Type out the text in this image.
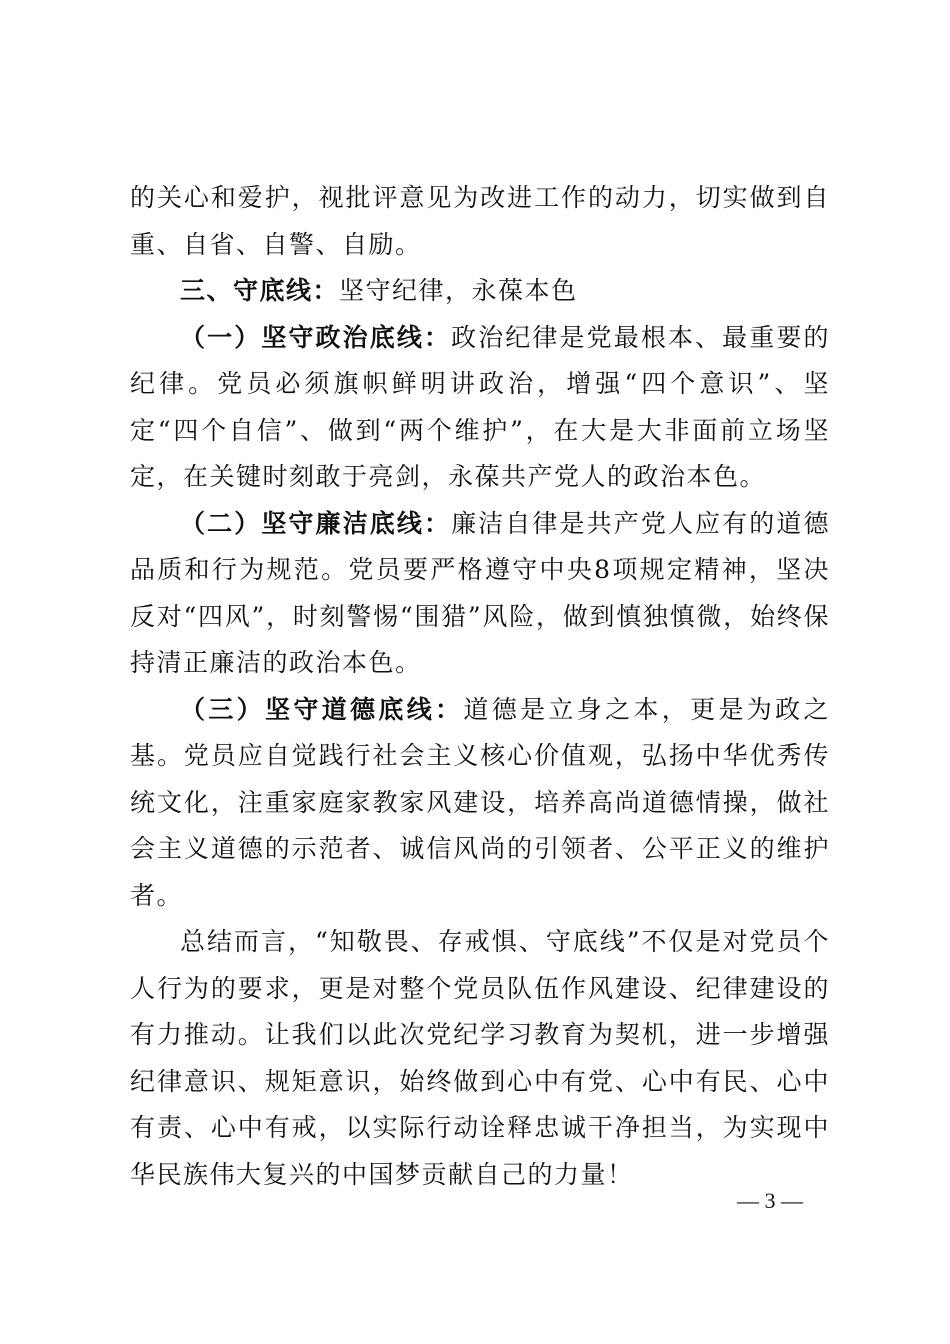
的关心和爱护，视批评意见为改进工作的动力，切实做到自重、自省、自警、自励。

三、守底线：坚守纪律，永葆本色

（一）坚守政治底线：政治纪律是党最根本、最重要的纪律。党员必须旗帜鲜明讲政治，增强“四个意识”、坚定“四个自信”、做到“两个维护”，在大是大非面前立场坚定，在关键时刻敢于亮剑，永葆共产党人的政治本色。

（二）坚守廉洁底线：廉洁自律是共产党人应有的道德品质和行为规范。党员要严格遵守中央8项规定精神，坚决反对“四风”，时刻警惕“围猎”风险，做到慎独慎微，始终保持清正廉洁的政治本色。

（三）坚守道德底线：道德是立身之本，更是为政之基。党员应自觉践行社会主义核心价值观，弘扬中华优秀传统文化，注重家庭家教家风建设，培养高尚道德情操，做社会主义道德的示范者、诚信风尚的引领者、公平正义的维护者。

总结而言，“知敬畏、存戒惧、守底线”不仅是对党员个人行为的要求，更是对整个党员队伍作风建设、纪律建设的有力推动。让我们以此次党纪学习教育为契机，进一步增强纪律意识、规矩意识，始终做到心中有党、心中有民、心中有责、心中有戒，以实际行动诠释忠诚干净担当，为实现中华民族伟大复兴的中国梦贡献自己的力量！

— 3 —
